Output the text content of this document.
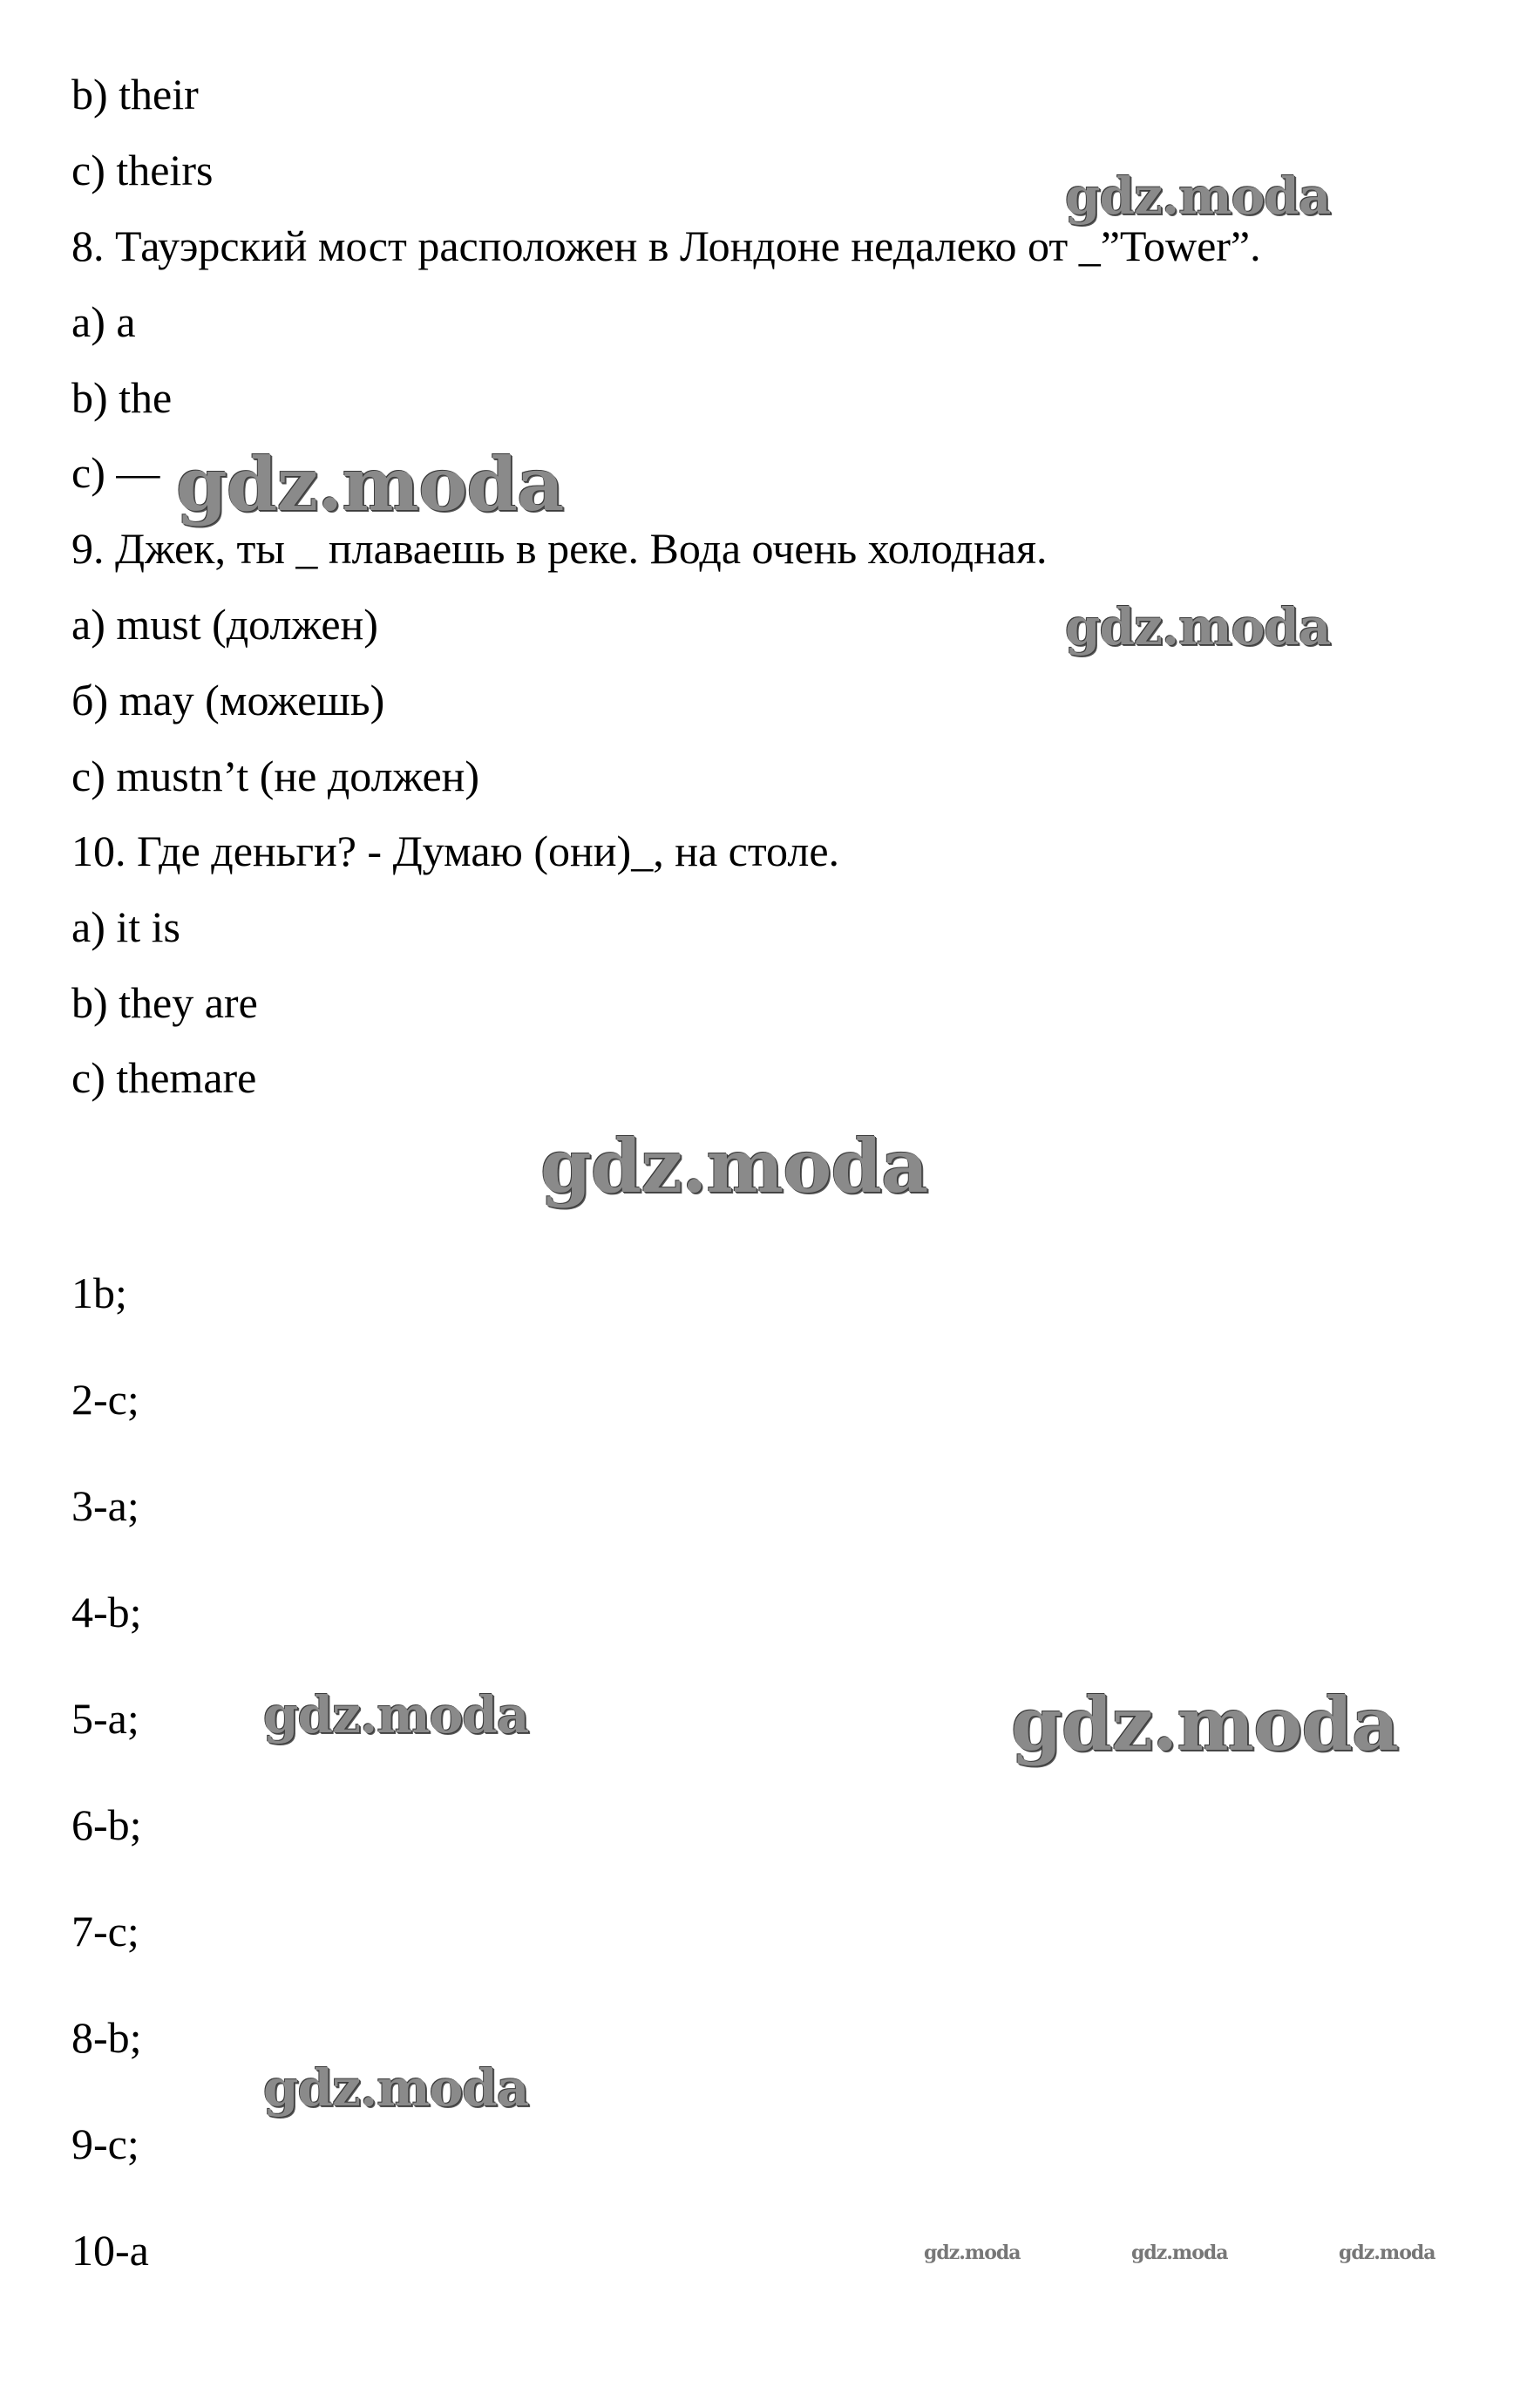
b) their
c) theirs
8. Тауэрский мост расположен в Лондоне недалеко от _”Tower”.
a) a
b) the
c) —
9. Джек, ты _ плаваешь в реке. Вода очень холодная.
a) must (должен)
б) may (можешь)
c) mustn’t (не должен)
10. Где деньги? - Думаю (они)_, на столе.
a) it is
b) they are
c) themare
1b;
2-c;
3-a;
4-b;
5-a;
6-b;
7-c;
8-b;
9-c;
10-a
gdz.moda
gdz.moda
gdz.moda
gdz.moda
gdz.moda	gdz.moda
gdz.moda
gdz.moda	gdz.moda	gdz.moda
